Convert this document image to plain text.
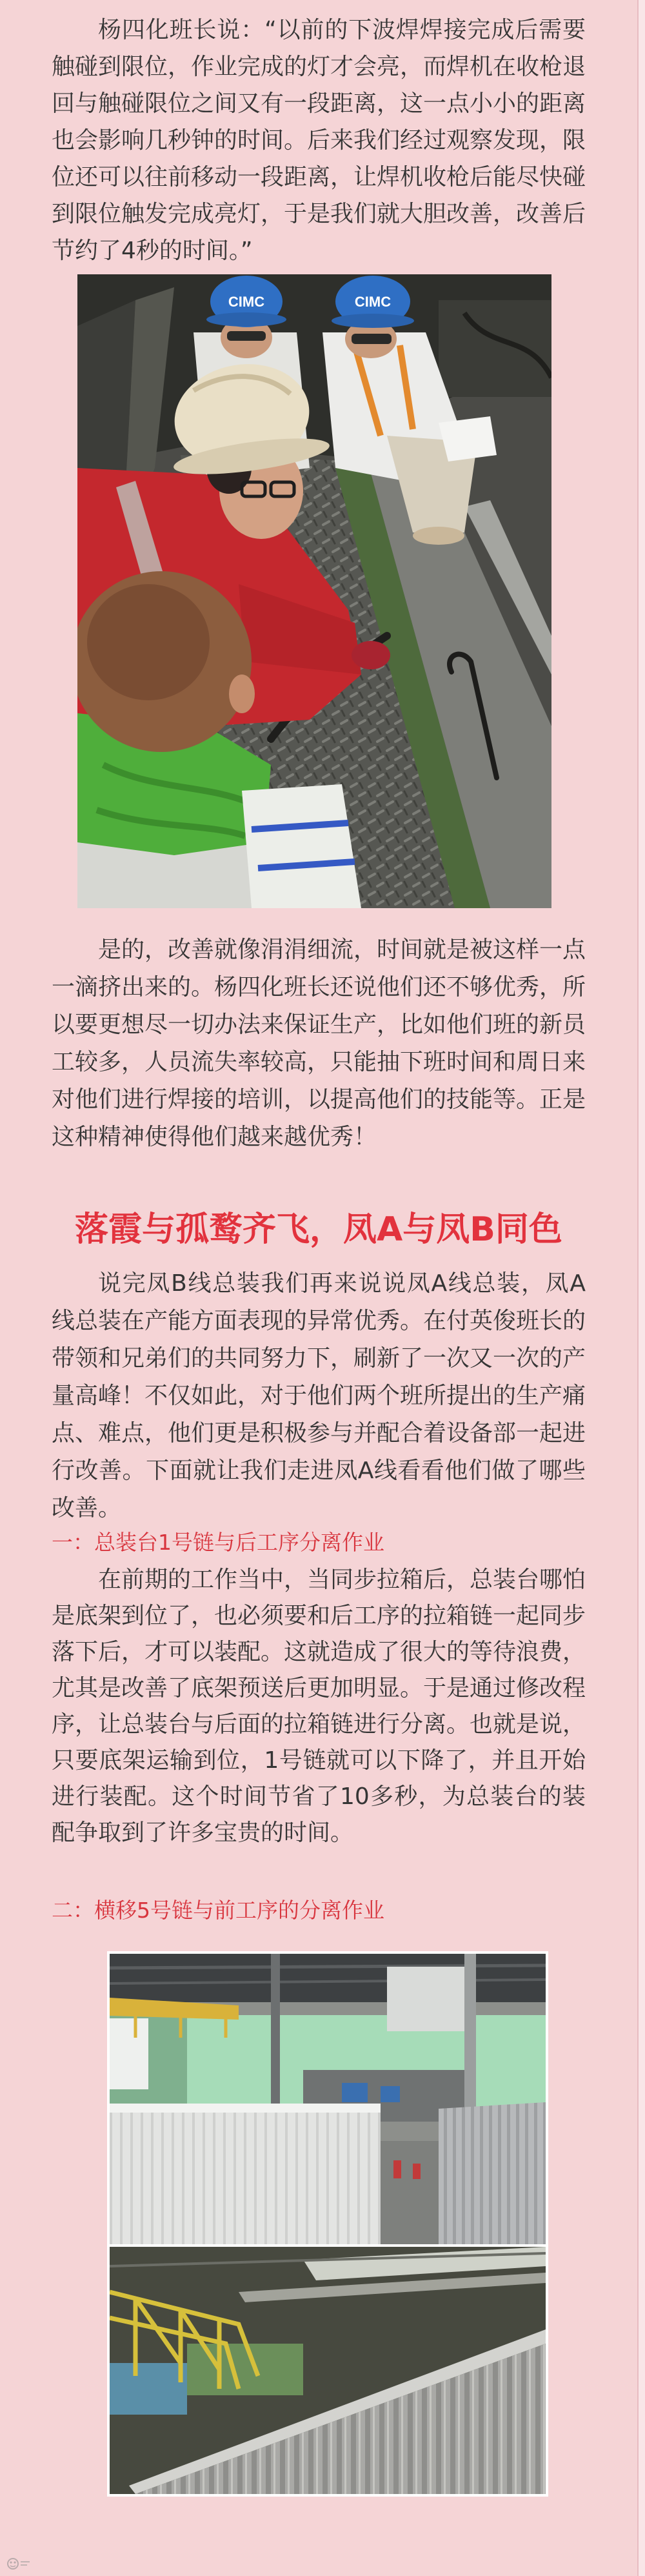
杨四化班长说：“以前的下波焊焊接完成后需要触碰到限位，作业完成的灯才会亮，而焊机在收枪退回与触碰限位之间又有一段距离，这一点小小的距离也会影响几秒钟的时间。后来我们经过观察发现，限位还可以往前移动一段距离，让焊机收枪后能尽快碰到限位触发完成亮灯，于是我们就大胆改善，改善后节约了4秒的时间。”

CIMC
CIMC

是的，改善就像涓涓细流，时间就是被这样一点一滴挤出来的。杨四化班长还说他们还不够优秀，所以要更想尽一切办法来保证生产，比如他们班的新员工较多，人员流失率较高，只能抽下班时间和周日来对他们进行焊接的培训，以提高他们的技能等。正是这种精神使得他们越来越优秀！

落霞与孤鹜齐飞，凤A与凤B同色

说完凤B线总装我们再来说说凤A线总装，凤A线总装在产能方面表现的异常优秀。在付英俊班长的带领和兄弟们的共同努力下，刷新了一次又一次的产量高峰！不仅如此，对于他们两个班所提出的生产痛点、难点，他们更是积极参与并配合着设备部一起进行改善。下面就让我们走进凤A线看看他们做了哪些改善。

一：总装台1号链与后工序分离作业

在前期的工作当中，当同步拉箱后，总装台哪怕是底架到位了，也必须要和后工序的拉箱链一起同步落下后，才可以装配。这就造成了很大的等待浪费，尤其是改善了底架预送后更加明显。于是通过修改程序，让总装台与后面的拉箱链进行分离。也就是说，只要底架运输到位，1号链就可以下降了，并且开始进行装配。这个时间节省了10多秒，为总装台的装配争取到了许多宝贵的时间。

二：横移5号链与前工序的分离作业
